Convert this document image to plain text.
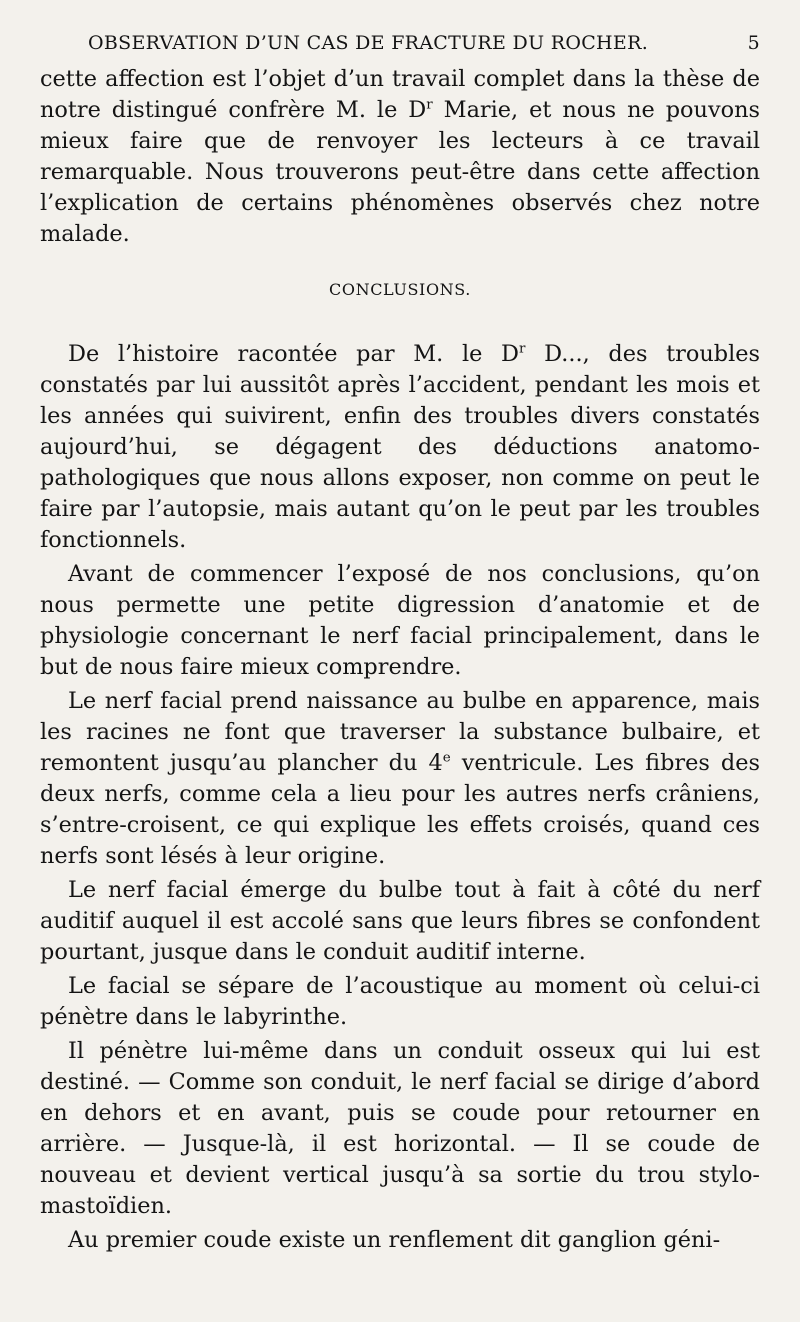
OBSERVATION D’UN CAS DE FRACTURE DU ROCHER.	5

cette affection est l’objet d’un travail complet dans la thèse de notre distingué confrère M. le $D^r$ Marie, et nous ne pouvons mieux faire que de renvoyer les lecteurs à ce travail remarquable. Nous trouverons peut-être dans cette affection l’explication de certains phénomènes observés chez notre malade.

CONCLUSIONS.

De l’histoire racontée par M. le $D^r$ D..., des troubles constatés par lui aussitôt après l’accident, pendant les mois et les années qui suivirent, enfin des troubles divers constatés aujourd’hui, se dégagent des déductions anatomo-pathologiques que nous allons exposer, non comme on peut le faire par l’autopsie, mais autant qu’on le peut par les troubles fonctionnels.

Avant de commencer l’exposé de nos conclusions, qu’on nous permette une petite digression d’anatomie et de physiologie concernant le nerf facial principalement, dans le but de nous faire mieux comprendre.

Le nerf facial prend naissance au bulbe en apparence, mais les racines ne font que traverser la substance bulbaire, et remontent jusqu’au plancher du 4e ventricule. Les fibres des deux nerfs, comme cela a lieu pour les autres nerfs crâniens, s’entre-croisent, ce qui explique les effets croisés, quand ces nerfs sont lésés à leur origine.

Le nerf facial émerge du bulbe tout à fait à côté du nerf auditif auquel il est accolé sans que leurs fibres se confondent pourtant, jusque dans le conduit auditif interne.

Le facial se sépare de l’acoustique au moment où celui-ci pénètre dans le labyrinthe.

Il pénètre lui-même dans un conduit osseux qui lui est destiné. — Comme son conduit, le nerf facial se dirige d’abord en dehors et en avant, puis se coude pour retourner en arrière. — Jusque-là, il est horizontal. — Il se coude de nouveau et devient vertical jusqu’à sa sortie du trou stylo-mastoïdien.

Au premier coude existe un renflement dit ganglion géni-
